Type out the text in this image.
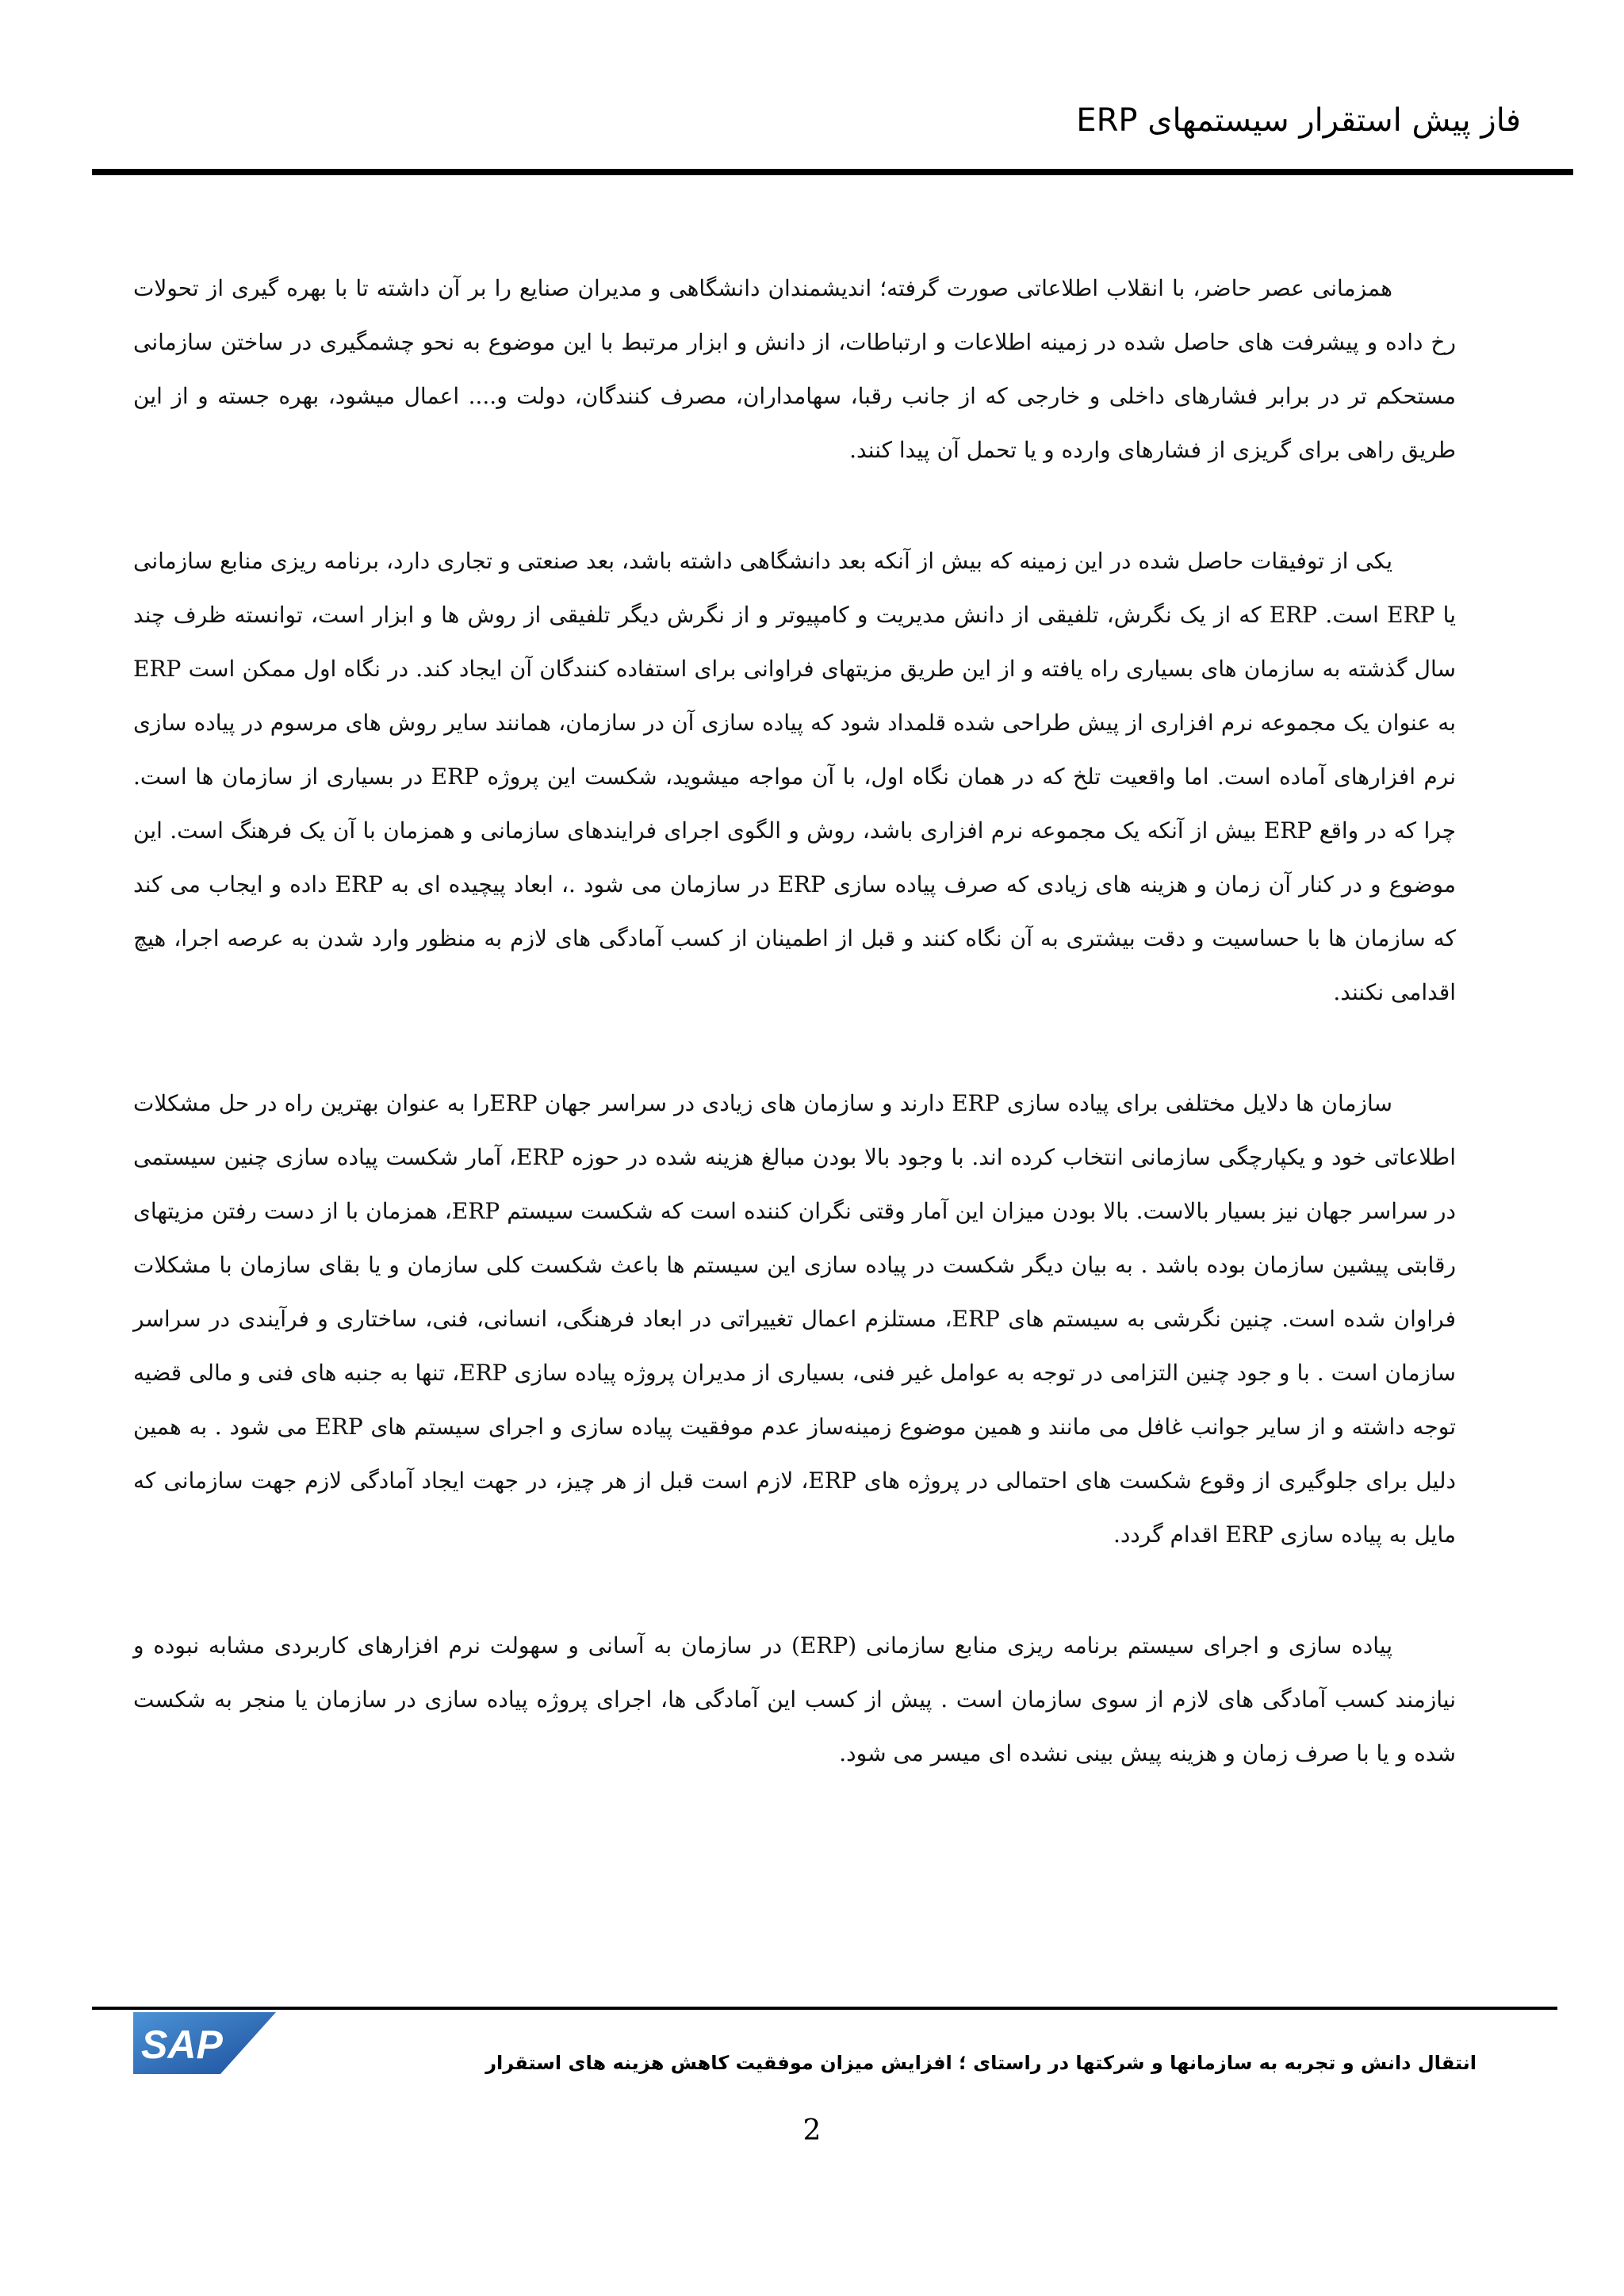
فاز پیش استقرار سیستمهای ERP

همزمانی عصر حاضر، با انقلاب اطلاعاتی صورت گرفته؛ اندیشمندان دانشگاهی و مدیران صنایع را بر آن داشته تا با بهره گیری از تحولات رخ داده و پیشرفت های حاصل شده در زمینه اطلاعات و ارتباطات، از دانش و ابزار مرتبط با این موضوع به نحو چشمگیری در ساختن سازمانی مستحکم تر در برابر فشارهای داخلی و خارجی که از جانب رقبا، سهامداران، مصرف کنندگان، دولت و.... اعمال میشود، بهره جسته و از این طریق راهی برای گریزی از فشارهای وارده و یا تحمل آن پیدا کنند.

یکی از توفیقات حاصل شده در این زمینه که بیش از آنکه بعد دانشگاهی داشته باشد، بعد صنعتی و تجاری دارد، برنامه ریزی منابع سازمانی یا ERP است. ERP که از یک نگرش، تلفیقی از دانش مدیریت و کامپیوتر و از نگرش دیگر تلفیقی از روش ها و ابزار است، توانسته ظرف چند سال گذشته به سازمان های بسیاری راه یافته و از این طریق مزیتهای فراوانی برای استفاده کنندگان آن ایجاد کند. در نگاه اول ممکن است ERP به عنوان یک مجموعه نرم افزاری از پیش طراحی شده قلمداد شود که پیاده سازی آن در سازمان، همانند سایر روش های مرسوم در پیاده سازی نرم افزارهای آماده است. اما واقعیت تلخ که در همان نگاه اول، با آن مواجه میشوید، شکست این پروژه ERP در بسیاری از سازمان ها است. چرا که در واقع ERP بیش از آنکه یک مجموعه نرم افزاری باشد، روش و الگوی اجرای فرایندهای سازمانی و همزمان با آن یک فرهنگ است. این موضوع و در کنار آن زمان و هزینه های زیادی که صرف پیاده سازی ERP در سازمان می شود .، ابعاد پیچیده ای به ERP داده و ایجاب می کند که سازمان ها با حساسیت و دقت بیشتری به آن نگاه کنند و قبل از اطمینان از کسب آمادگی های لازم به منظور وارد شدن به عرصه اجرا، هیچ اقدامی نکنند.

سازمان ها دلایل مختلفی برای پیاده سازی ERP دارند و سازمان های زیادی در سراسر جهان ERPرا به عنوان بهترین راه در حل مشکلات اطلاعاتی خود و یکپارچگی سازمانی انتخاب کرده اند. با وجود بالا بودن مبالغ هزینه شده در حوزه ERP، آمار شکست پیاده سازی چنین سیستمی در سراسر جهان نیز بسیار بالاست. بالا بودن میزان این آمار وقتی نگران کننده است که شکست سیستم ERP، همزمان با از دست رفتن مزیتهای رقابتی پیشین سازمان بوده باشد . به بیان دیگر شکست در پیاده سازی این سیستم ها باعث شکست کلی سازمان و یا بقای سازمان با مشکلات فراوان شده است. چنین نگرشی به سیستم های ERP، مستلزم اعمال تغییراتی در ابعاد فرهنگی، انسانی، فنی، ساختاری و فرآیندی در سراسر سازمان است . با و جود چنین التزامی در توجه به عوامل غیر فنی، بسیاری از مدیران پروژه پیاده سازی ERP، تنها به جنبه های فنی و مالی قضیه توجه داشته و از سایر جوانب غافل می مانند و همین موضوع زمینه‌ساز عدم موفقیت پیاده سازی و اجرای سیستم های ERP می شود . به همین دلیل برای جلوگیری از وقوع شکست های احتمالی در پروژه های ERP، لازم است قبل از هر چیز، در جهت ایجاد آمادگی لازم جهت سازمانی که مایل به پیاده سازی ERP اقدام گردد.

پیاده سازی و اجرای سیستم برنامه ریزی منابع سازمانی (ERP) در سازمان به آسانی و سهولت نرم افزارهای کاربردی مشابه نبوده و نیازمند کسب آمادگی های لازم از سوی سازمان است . پیش از کسب این آمادگی ها، اجرای پروژه پیاده سازی در سازمان یا منجر به شکست شده و یا با صرف زمان و هزینه پیش بینی نشده ای میسر می شود.

SAP	انتقال دانش و تجربه به سازمانها و شرکتها در راستای ؛ افزایش میزان موفقیت کاهش هزینه های استقرار
2
